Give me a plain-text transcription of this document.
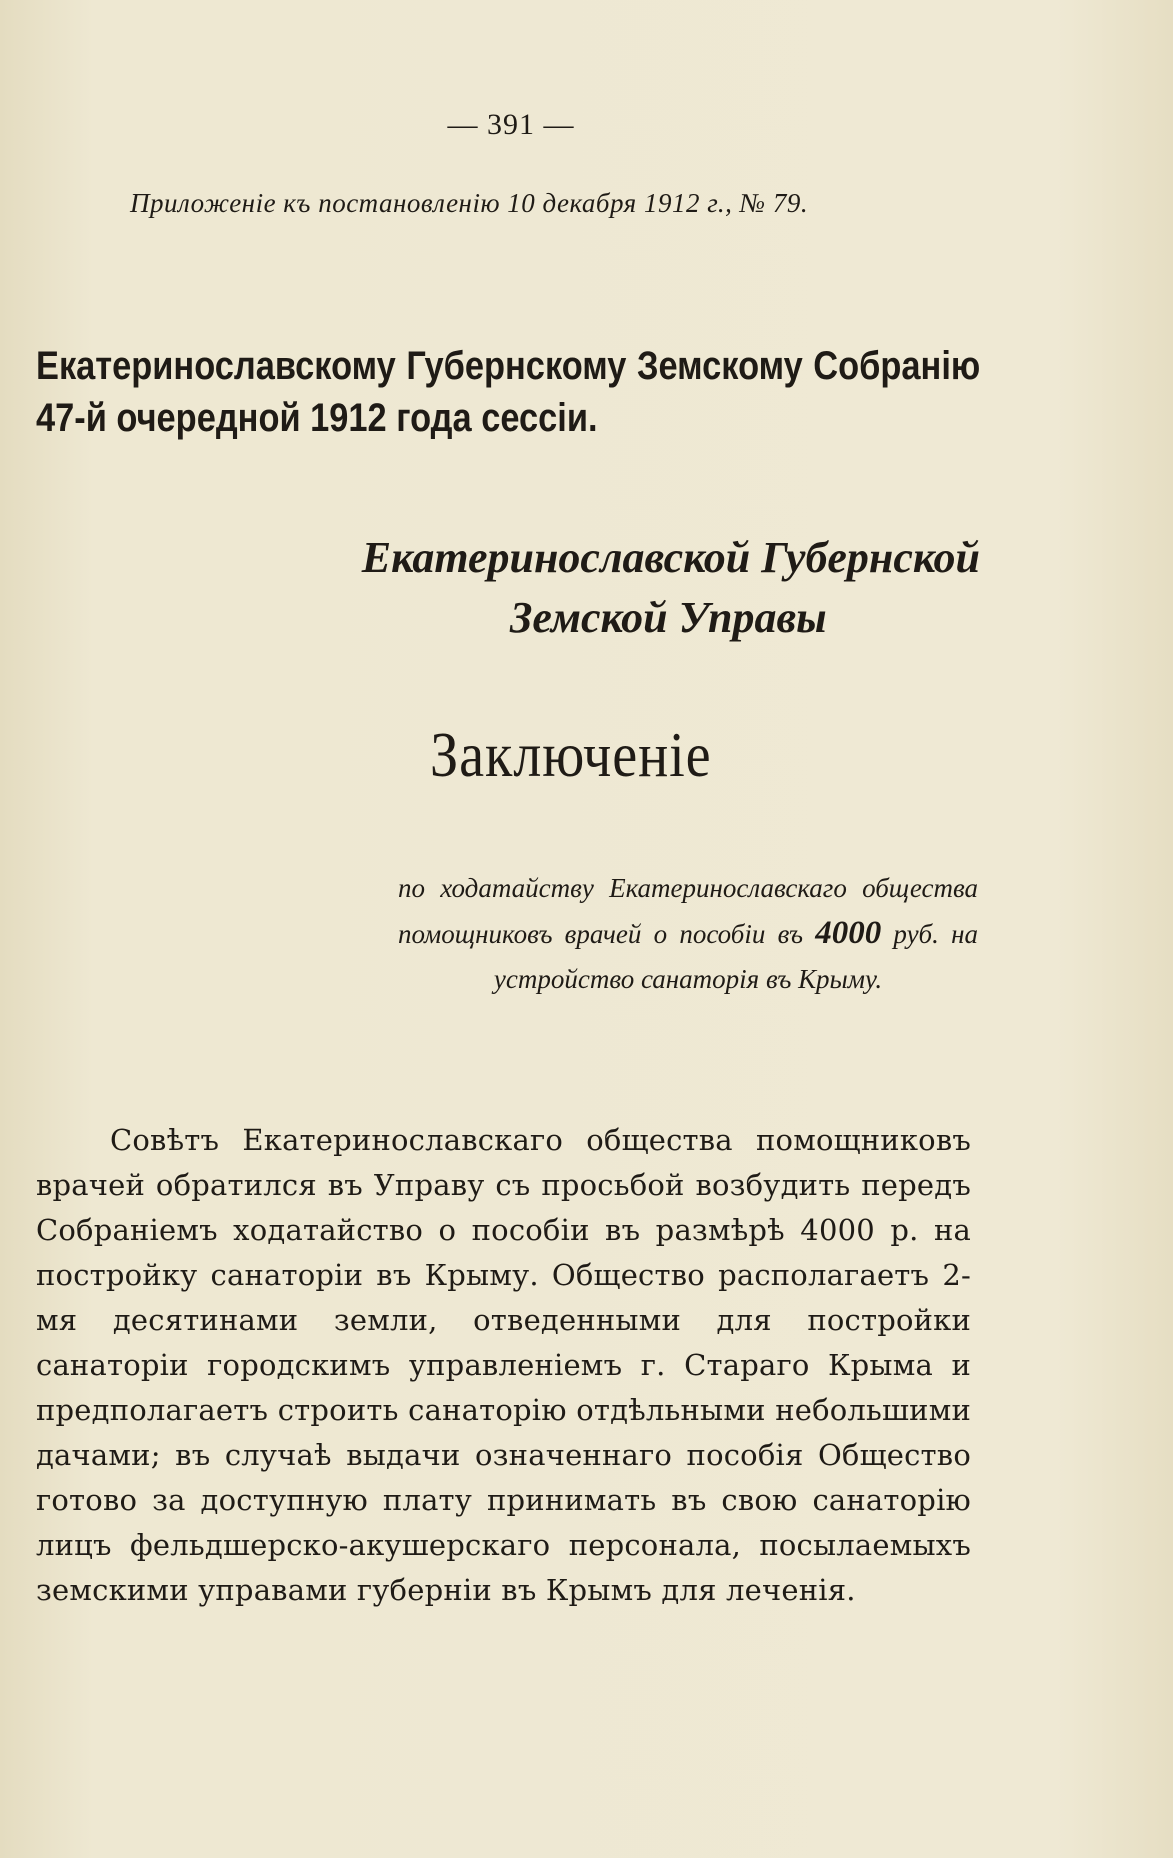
— 391 —
Приложеніе къ постановленію 10 декабря 1912 г., № 79.
Екатеринославскому Губернскому Земскому Собранію 47-й очередной 1912 года сессіи.
Екатеринославской Губернской
Земской Управы
Заключеніе
по ходатайству Екатеринославскаго общества помощниковъ врачей о пособіи въ 4000 руб. на устройство санаторія въ Крыму.

Совѣтъ Екатеринославскаго общества помощниковъ врачей обратился въ Управу съ просьбой возбудить передъ Собраніемъ ходатайство о пособіи въ размѣрѣ 4000 р. на постройку санаторіи въ Крыму. Общество располагаетъ 2-мя десятинами земли, отведенными для постройки санаторіи городскимъ управленіемъ г. Стараго Крыма и предполагаетъ строить санаторію отдѣльными небольшими дачами; въ случаѣ выдачи означеннаго пособія Общество готово за доступную плату принимать въ свою санаторію лицъ фельдшерско-акушерскаго персонала, посылаемыхъ земскими управами губерніи въ Крымъ для леченія.
